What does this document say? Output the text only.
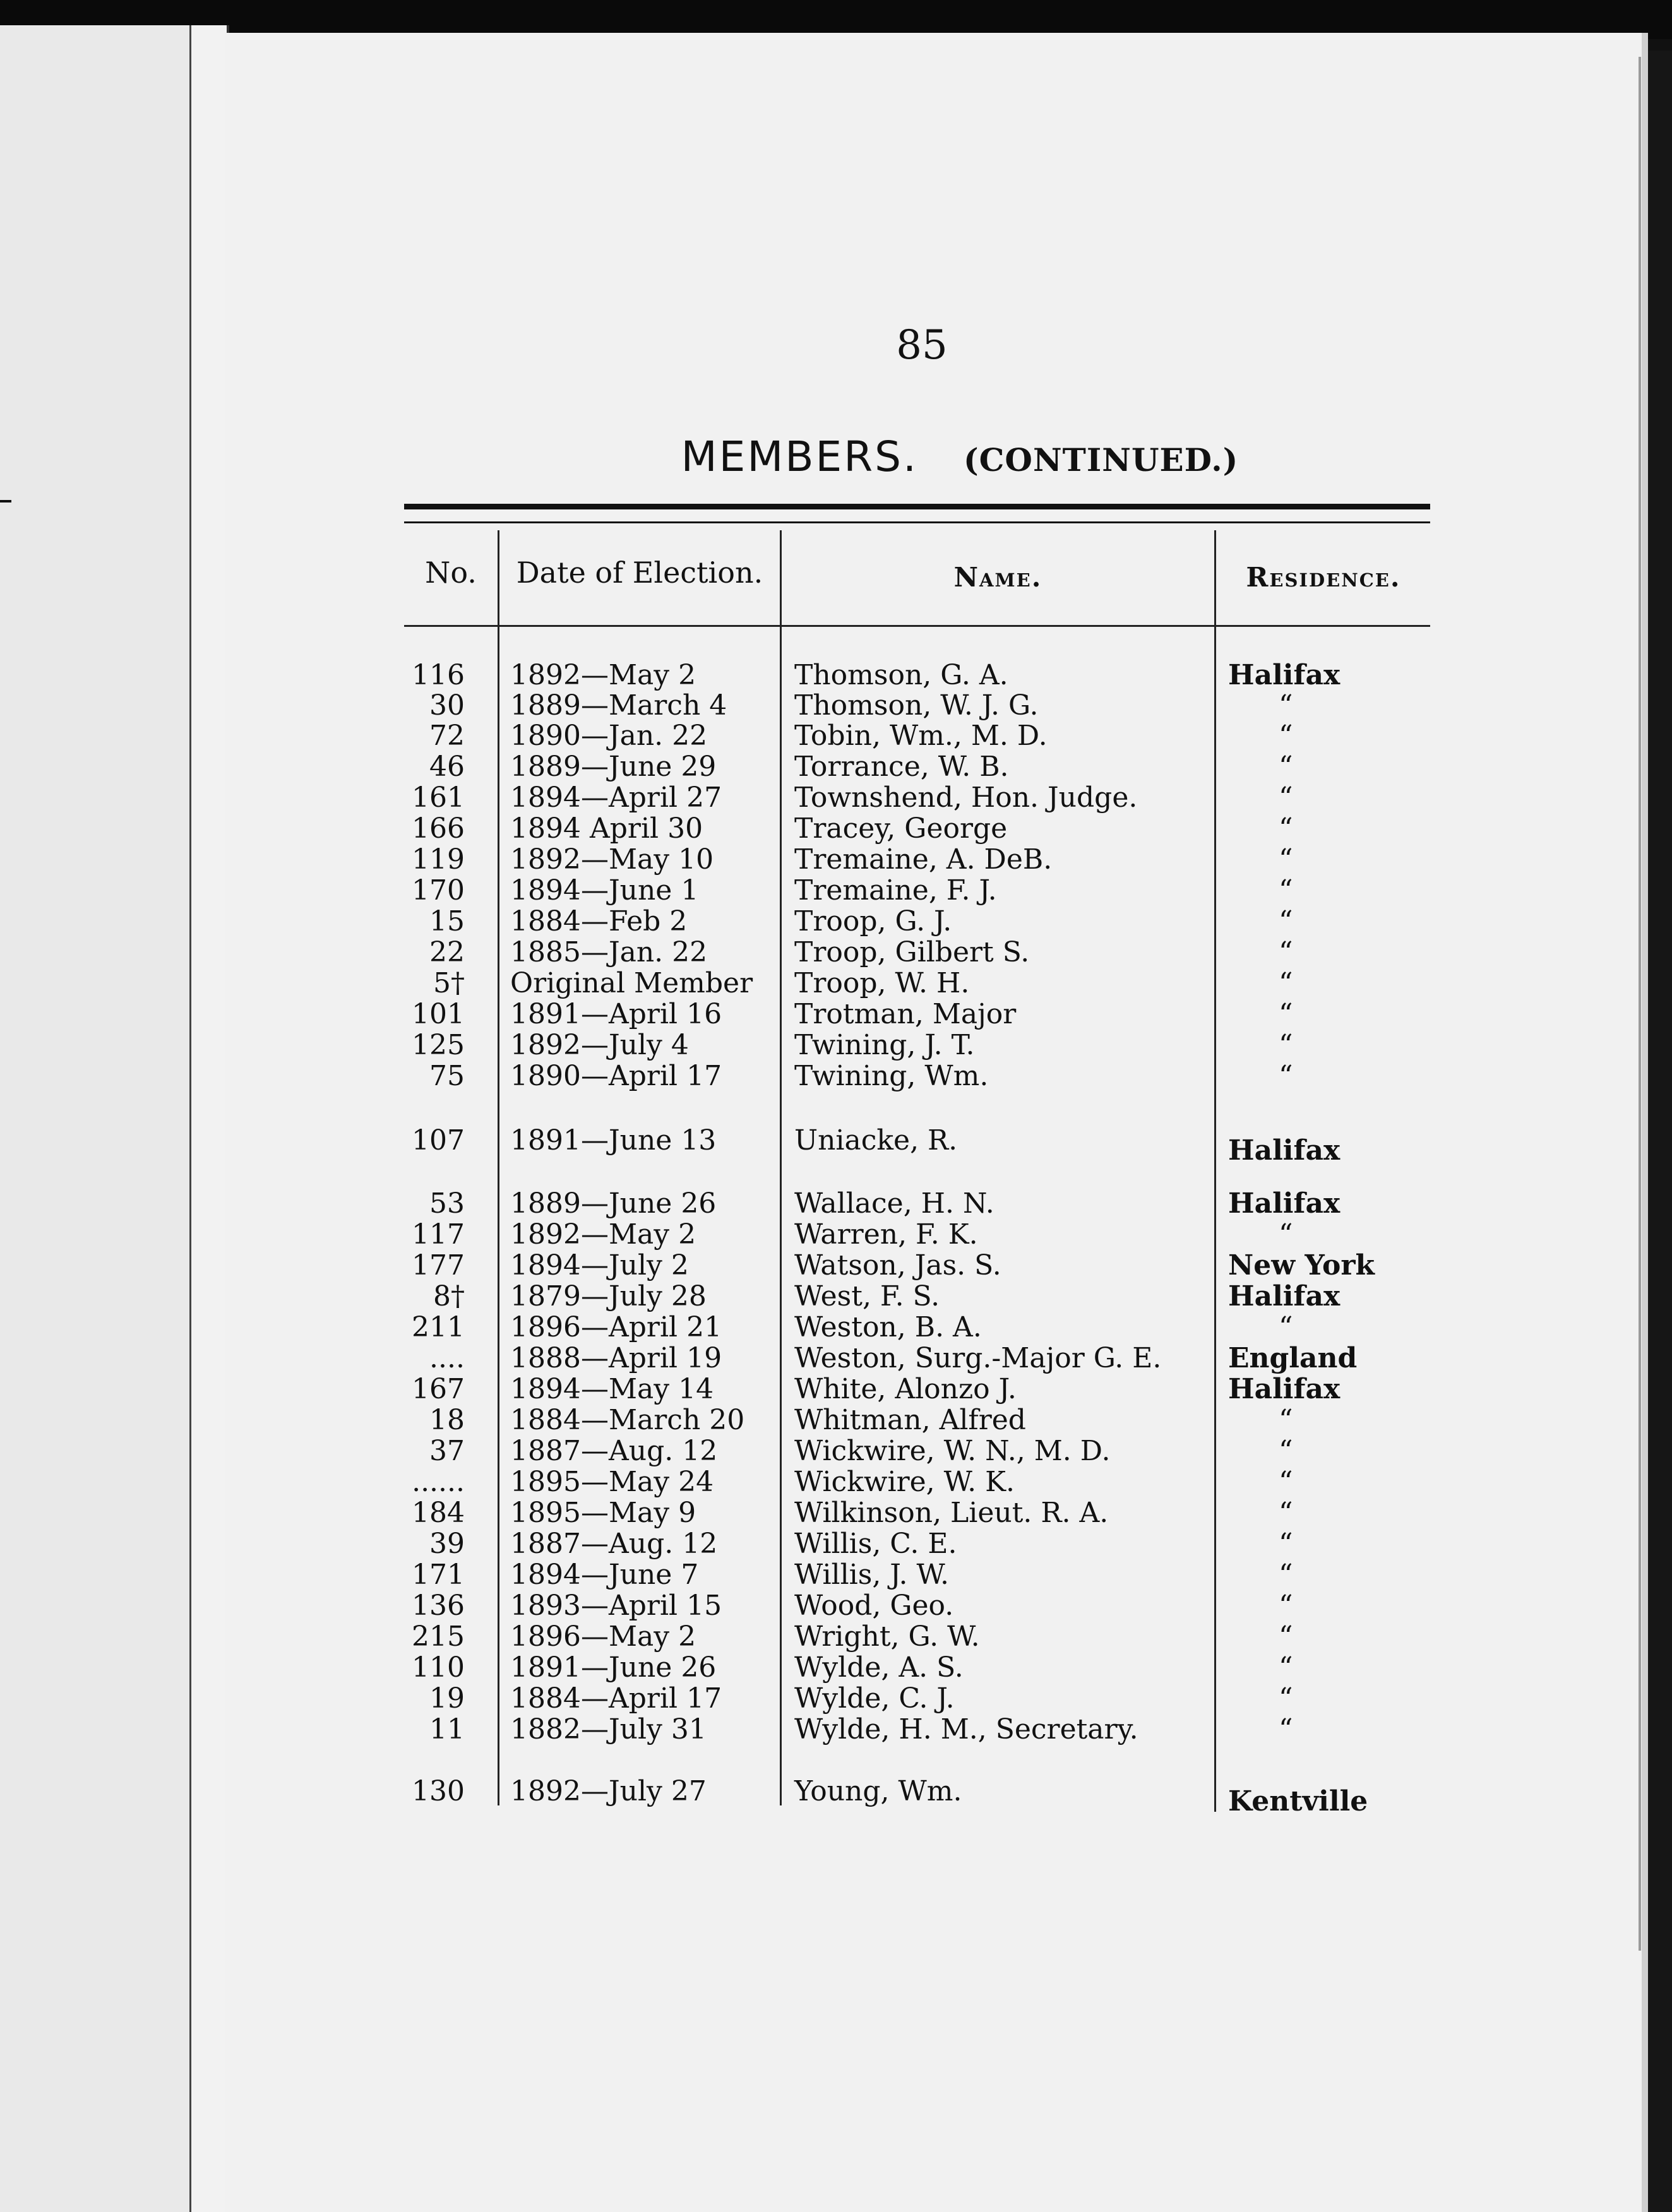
85
MEMBERS. (CONTINUED.)
No.	Date of Election.	Name.	Residence.
116 1892—May 2	Thomson, G. A.	Halifax
30 1889—March 4	Thomson, W. J. G.	“
72 1890—Jan. 22	Tobin, Wm., M. D.	“
46 1889—June 29	Torrance, W. B.	“
161 1894—April 27	Townshend, Hon. Judge.	“
166 1894 April 30	Tracey, George	“
119 1892—May 10	Tremaine, A. DeB.	“
170 1894—June 1	Tremaine, F. J.	“
15 1884—Feb 2	Troop, G. J.	“
22 1885—Jan. 22	Troop, Gilbert S.	“
5† Original Member	Troop, W. H.	“
101 1891—April 16	Trotman, Major	“
125 1892—July 4	Twining, J. T.	“
75 1890—April 17	Twining, Wm.	“
107 1891—June 13	Uniacke, R.	Halifax
53 1889—June 26	Wallace, H. N.	Halifax
117 1892—May 2	Warren, F. K.	“
177 1894—July 2	Watson, Jas. S.	New York
8† 1879—July 28	West, F. S.	Halifax
211 1896—April 21	Weston, B. A.	“
.... 1888—April 19	Weston, Surg.-Major G. E.	England
167 1894—May 14	White, Alonzo J.	Halifax
18 1884—March 20	Whitman, Alfred	“
37 1887—Aug. 12	Wickwire, W. N., M. D.	“
...... 1895—May 24	Wickwire, W. K.	“
184 1895—May 9	Wilkinson, Lieut. R. A.	“
39 1887—Aug. 12	Willis, C. E.	“
171 1894—June 7	Willis, J. W.	“
136 1893—April 15	Wood, Geo.	“
215 1896—May 2	Wright, G. W.	“
110 1891—June 26	Wylde, A. S.	“
19 1884—April 17	Wylde, C. J.	“
11 1882—July 31	Wylde, H. M., Secretary.	“
130 1892—July 27	Young, Wm.	Kentville
